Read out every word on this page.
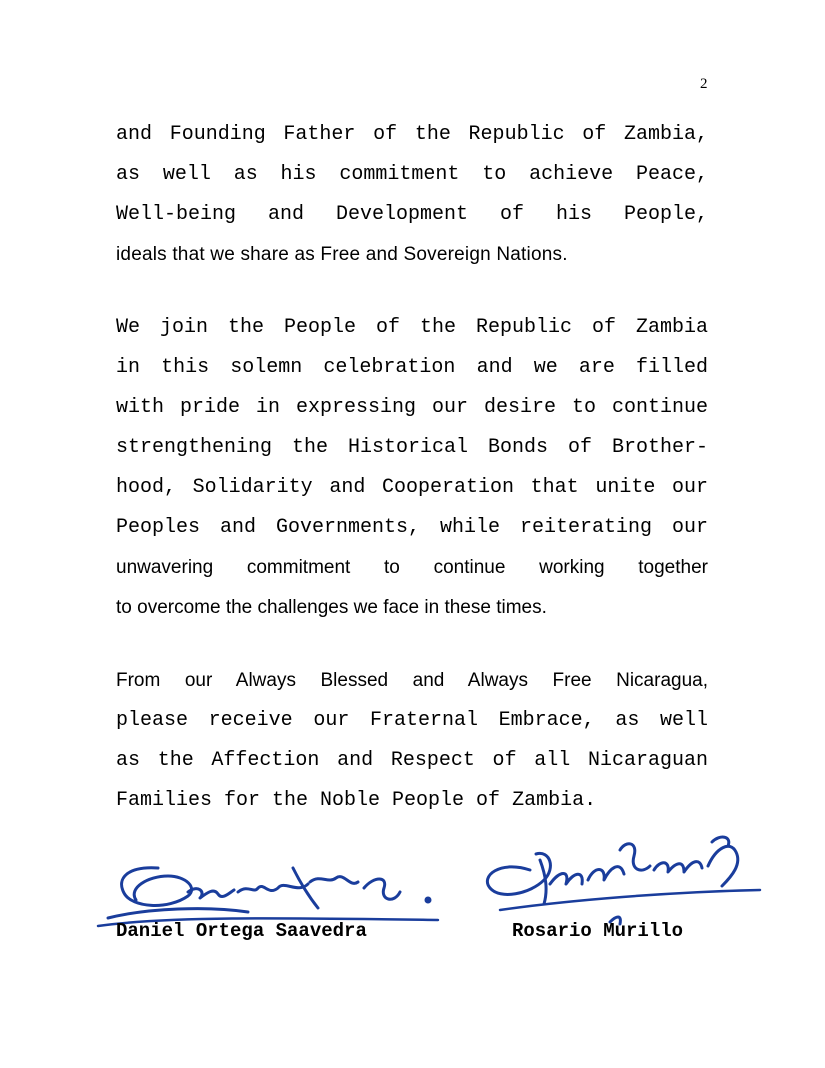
2
and Founding Father of the Republic of Zambia,
as well as his commitment to achieve Peace,
Well-being and Development of his People,
ideals that we share as Free and Sovereign Nations.
We join the People of the Republic of Zambia
in this solemn celebration and we are filled
with pride in expressing our desire to continue
strengthening the Historical Bonds of Brother-
hood, Solidarity and Cooperation that unite our
Peoples and Governments, while reiterating our
unwavering commitment to continue working together
to overcome the challenges we face in these times.
From our Always Blessed and Always Free Nicaragua,
please receive our Fraternal Embrace, as well
as the Affection and Respect of all Nicaraguan
Families for the Noble People of Zambia.
Daniel Ortega Saavedra	Rosario Murillo
